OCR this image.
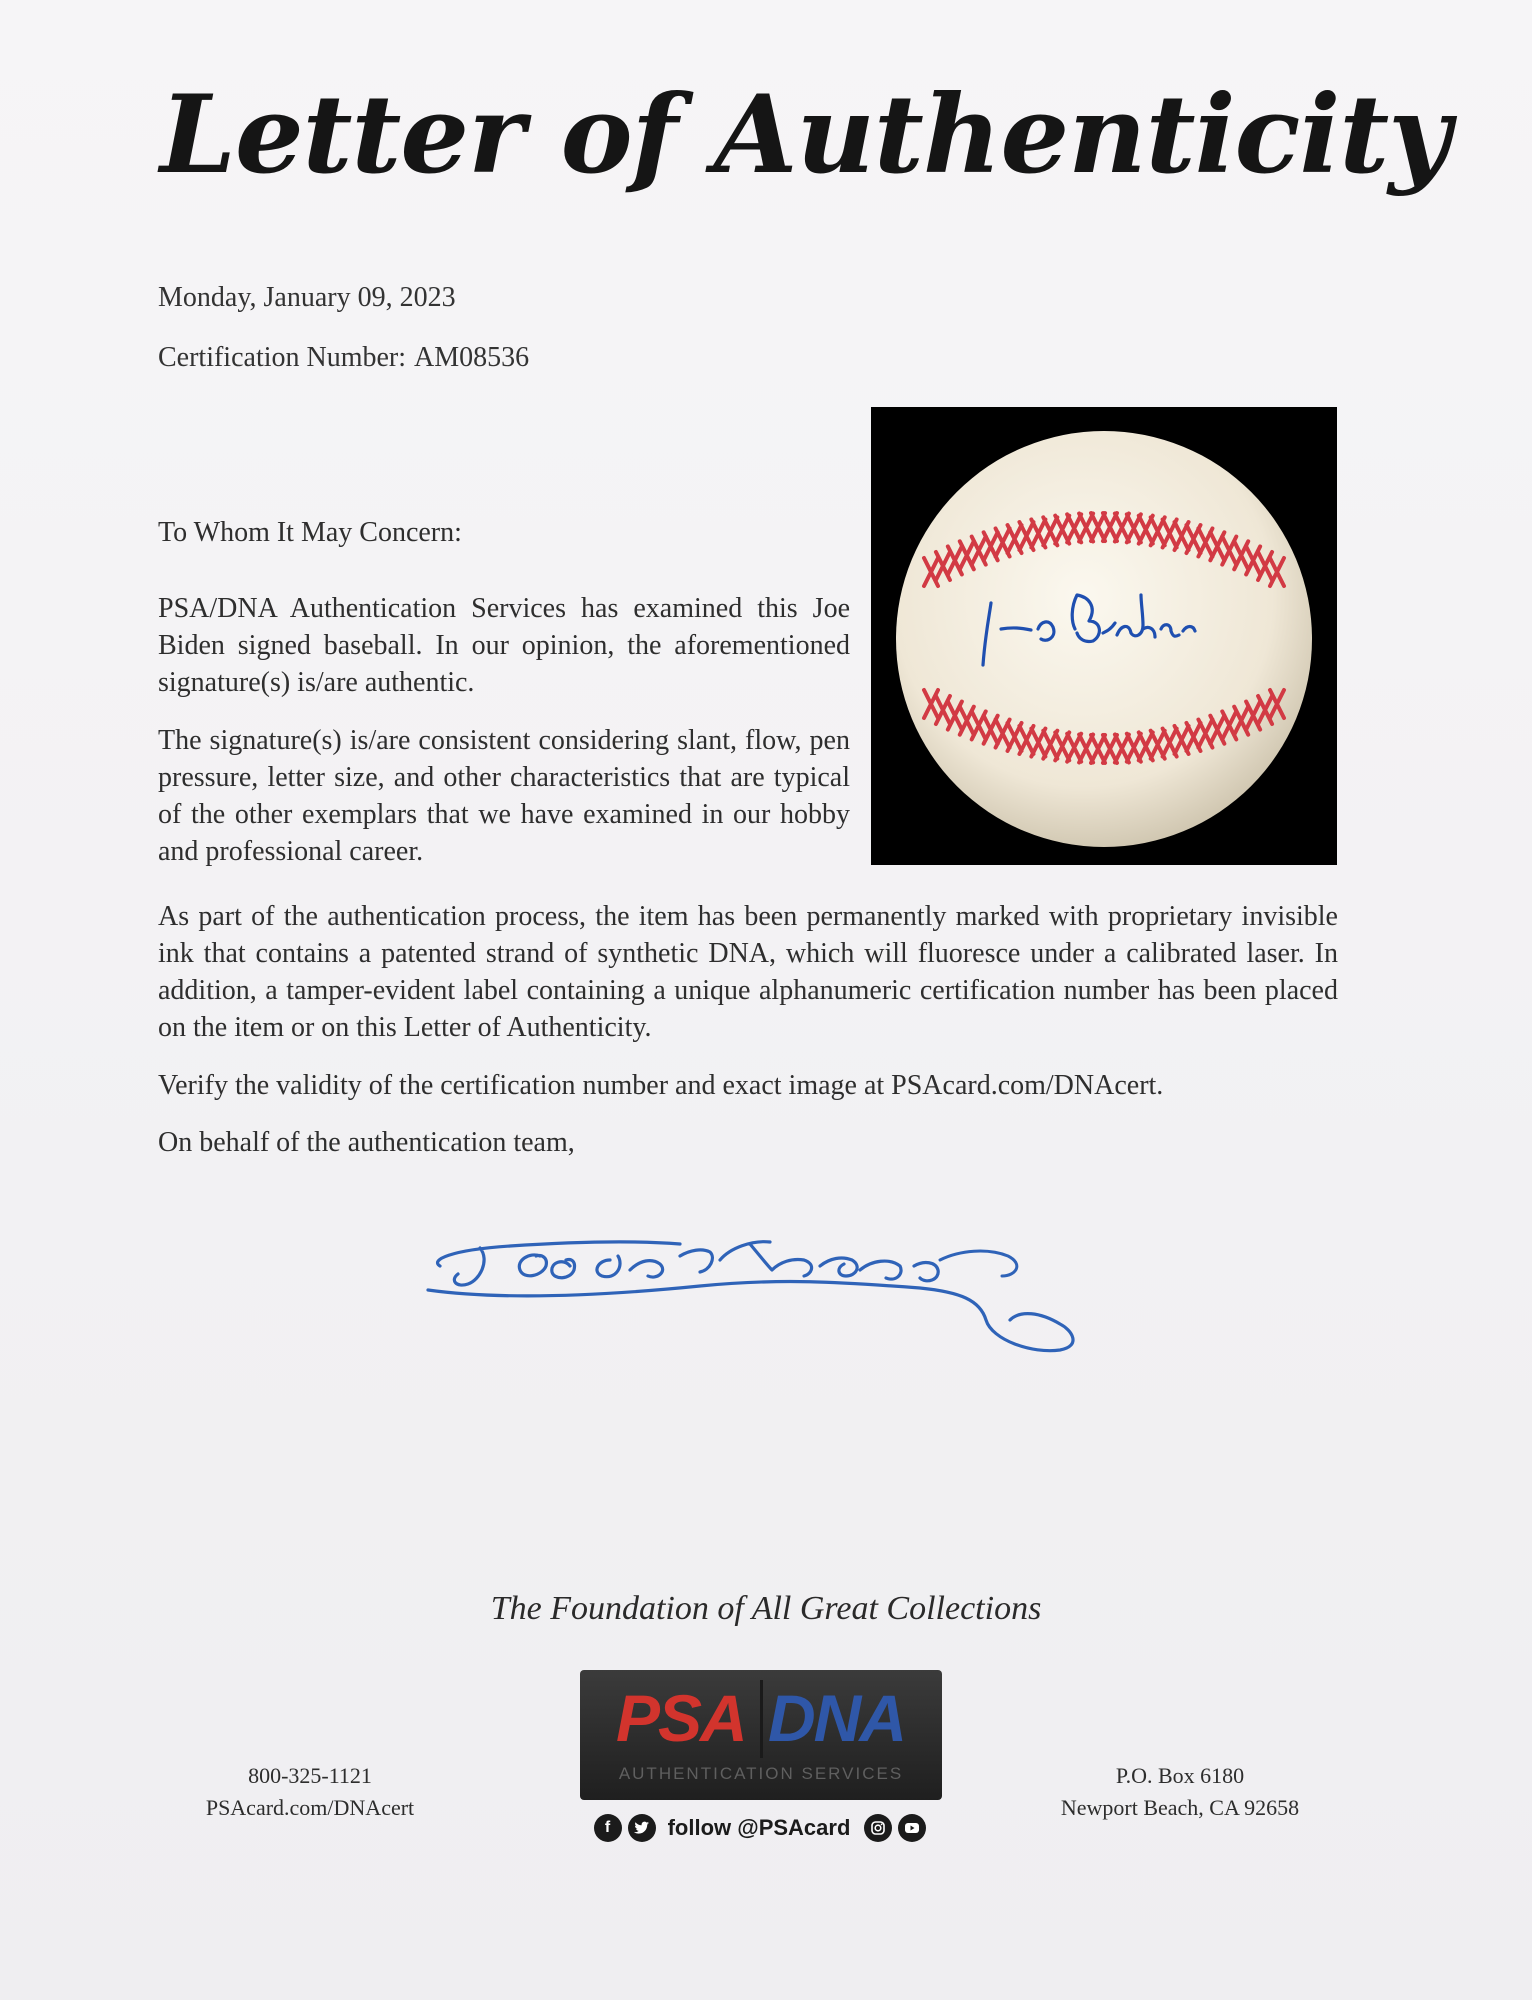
Letter of Authenticity
Monday, January 09, 2023
Certification Number: AM08536
To Whom It May Concern:
PSA/DNA Authentication Services has examined this Joe Biden signed baseball. In our opinion, the aforementioned signature(s) is/are authentic.
The signature(s) is/are consistent considering slant, flow, pen pressure, letter size, and other characteristics that are typical of the other exemplars that we have examined in our hobby and professional career.
As part of the authentication process, the item has been permanently marked with proprietary invisible ink that contains a patented strand of synthetic DNA, which will fluoresce under a calibrated laser. In addition, a tamper-evident label containing a unique alphanumeric certification number has been placed on the item or on this Letter of Authenticity.
Verify the validity of the certification number and exact image at PSAcard.com/DNAcert.
On behalf of the authentication team,
The Foundation of All Great Collections
PSA DNA
AUTHENTICATION SERVICES
f	follow @PSAcard
800-325-1121
PSAcard.com/DNAcert
P.O. Box 6180
Newport Beach, CA 92658
